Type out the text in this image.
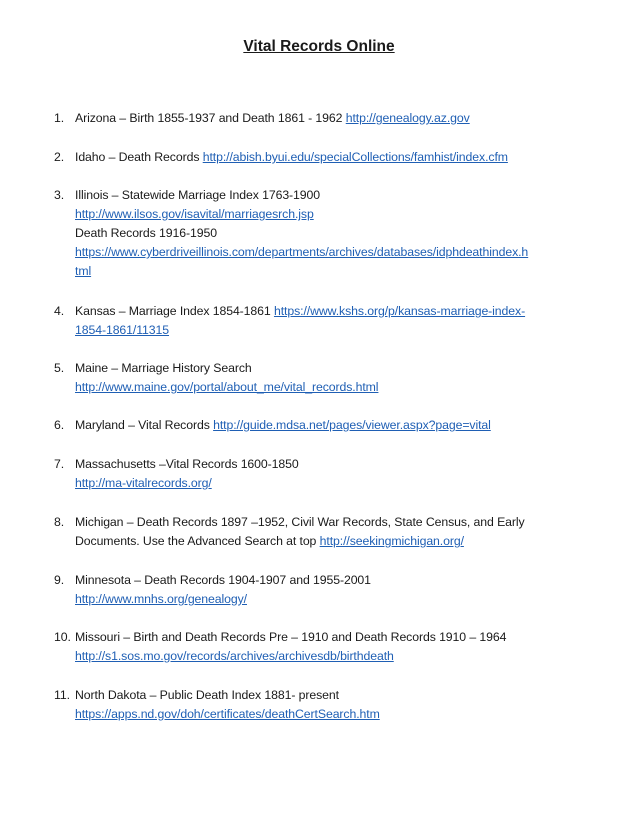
Vital Records Online
1. Arizona – Birth 1855-1937 and Death 1861 - 1962 http://genealogy.az.gov
2. Idaho – Death Records http://abish.byui.edu/specialCollections/famhist/index.cfm
3. Illinois – Statewide Marriage Index 1763-1900
http://www.ilsos.gov/isavital/marriagesrch.jsp
Death Records 1916-1950
https://www.cyberdriveillinois.com/departments/archives/databases/idphdeathindex.h
tml
4. Kansas – Marriage Index 1854-1861 https://www.kshs.org/p/kansas-marriage-index-
1854-1861/11315
5. Maine – Marriage History Search
http://www.maine.gov/portal/about_me/vital_records.html
6. Maryland – Vital Records http://guide.mdsa.net/pages/viewer.aspx?page=vital
7. Massachusetts –Vital Records 1600-1850
http://ma-vitalrecords.org/
8. Michigan – Death Records 1897 –1952, Civil War Records, State Census, and Early
Documents. Use the Advanced Search at top http://seekingmichigan.org/
9. Minnesota – Death Records 1904-1907 and 1955-2001
http://www.mnhs.org/genealogy/
10. Missouri – Birth and Death Records Pre – 1910 and Death Records 1910 – 1964
http://s1.sos.mo.gov/records/archives/archivesdb/birthdeath
11. North Dakota – Public Death Index 1881- present
https://apps.nd.gov/doh/certificates/deathCertSearch.htm
